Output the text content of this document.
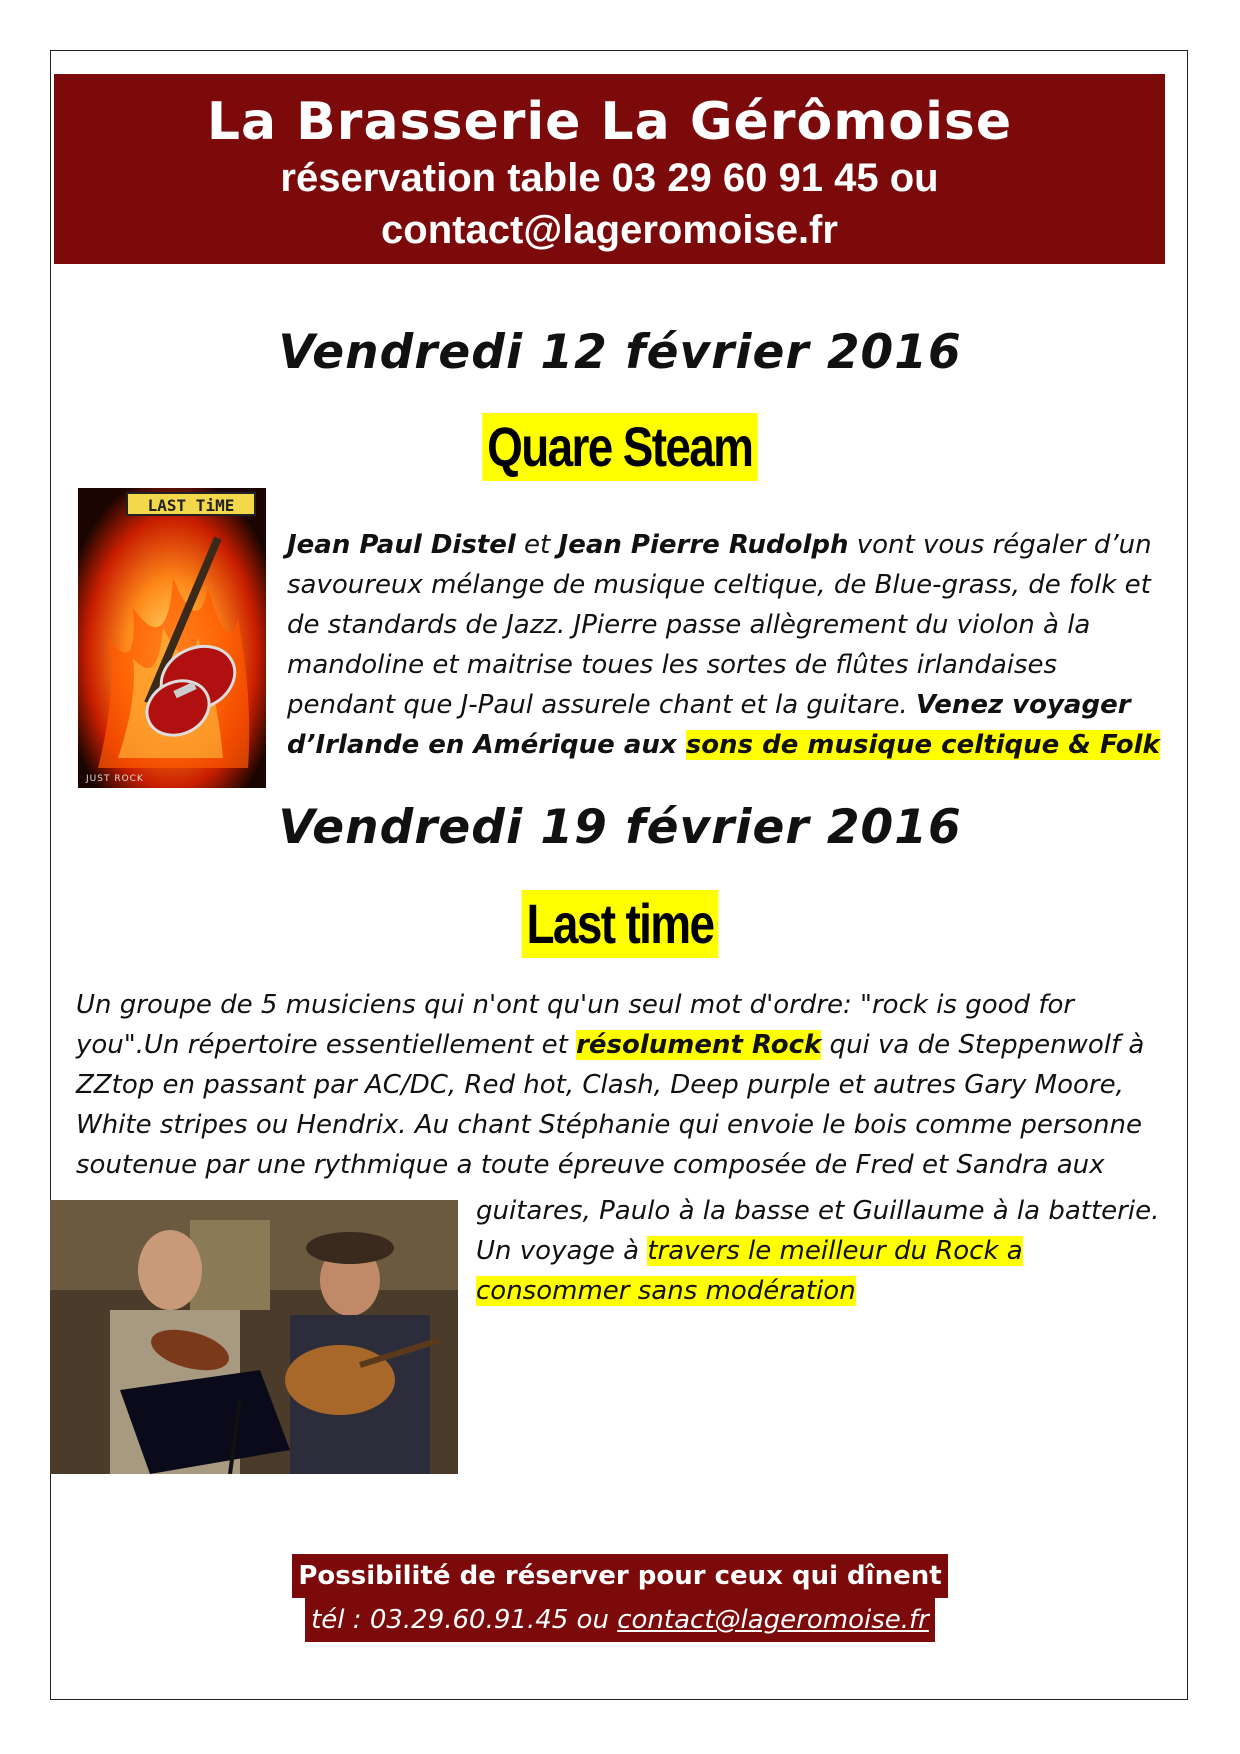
La Brasserie La Gérômoise
réservation table 03 29 60 91 45 ou
contact@lageromoise.fr
Vendredi 12 février 2016
Quare Steam
LAST TiME
JUST ROCK
Jean Paul Distel et Jean Pierre Rudolph vont vous régaler d’un savoureux mélange de musique celtique, de Blue-grass, de folk et de standards de Jazz. JPierre passe allègrement du violon à la mandoline et maitrise toues les sortes de flûtes irlandaises pendant que J-Paul assurele chant et la guitare. Venez voyager d’Irlande en Amérique aux sons de musique celtique & Folk
Vendredi 19 février 2016
Last time
Un groupe de 5 musiciens qui n'ont qu'un seul mot d'ordre: "rock is good for you".Un répertoire essentiellement et résolument Rock qui va de Steppenwolf à ZZtop en passant par AC/DC, Red hot, Clash, Deep purple et autres Gary Moore, White stripes ou Hendrix. Au chant Stéphanie qui envoie le bois comme personne soutenue par une rythmique a toute épreuve composée de Fred et Sandra aux
guitares, Paulo à la basse et Guillaume à la batterie. Un voyage à travers le meilleur du Rock a consommer sans modération
Possibilité de réserver pour ceux qui dînent
tél : 03.29.60.91.45 ou contact@lageromoise.fr
